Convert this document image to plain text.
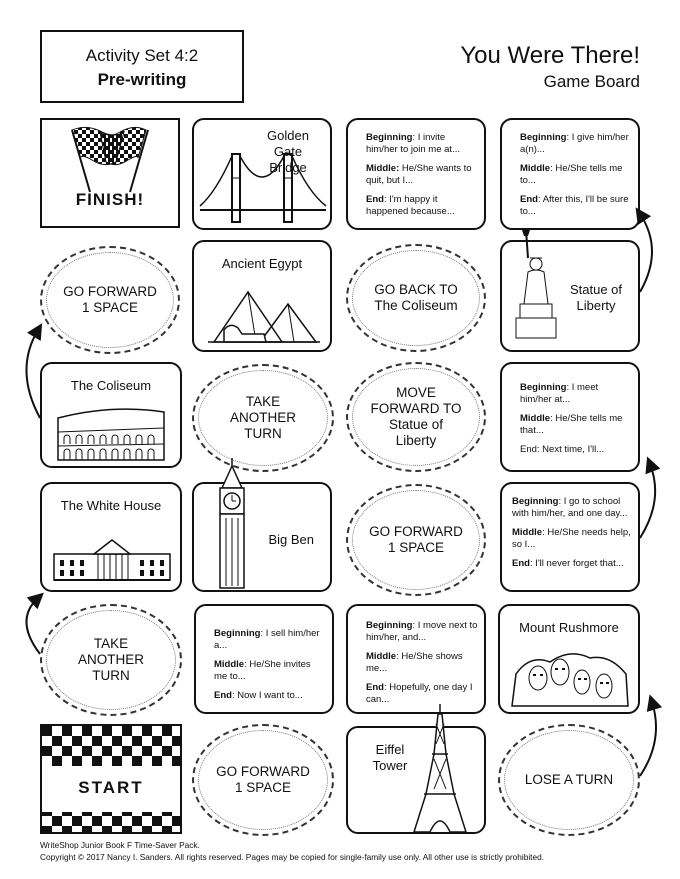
Activity Set 4:2
Pre-writing
You Were There!
Game Board
FINISH!
Golden
Gate
Bridge

Beginning: I invite him/her to join me at...

Middle: He/She wants to quit, but I...

End: I'm happy it happened because...

Beginning: I give him/her a(n)...

Middle: He/She tells me to...

End: After this, I'll be sure to...

GO FORWARD
1 SPACE
Ancient Egypt
GO BACK TO
The Coliseum
Statue of
Liberty
The Coliseum
TAKE
ANOTHER
TURN
MOVE
FORWARD TO
Statue of
Liberty

Beginning: I meet him/her at...

Middle: He/She tells me that...

End: Next time, I'll...

The White House
Big Ben
GO FORWARD
1 SPACE

Beginning: I go to school with him/her, and one day...

Middle: He/She needs help, so I...

End: I'll never forget that...

TAKE
ANOTHER
TURN

Beginning: I sell him/her a...

Middle: He/She invites me to...

End: Now I want to...

Beginning: I move next to him/her, and...

Middle: He/She shows me...

End: Hopefully, one day I can...

Mount Rushmore
START
GO FORWARD
1 SPACE
Eiffel
Tower
LOSE A TURN
WriteShop Junior Book F Time-Saver Pack.
Copyright © 2017 Nancy I. Sanders. All rights reserved. Pages may be copied for single-family use only. All other use is strictly prohibited.
